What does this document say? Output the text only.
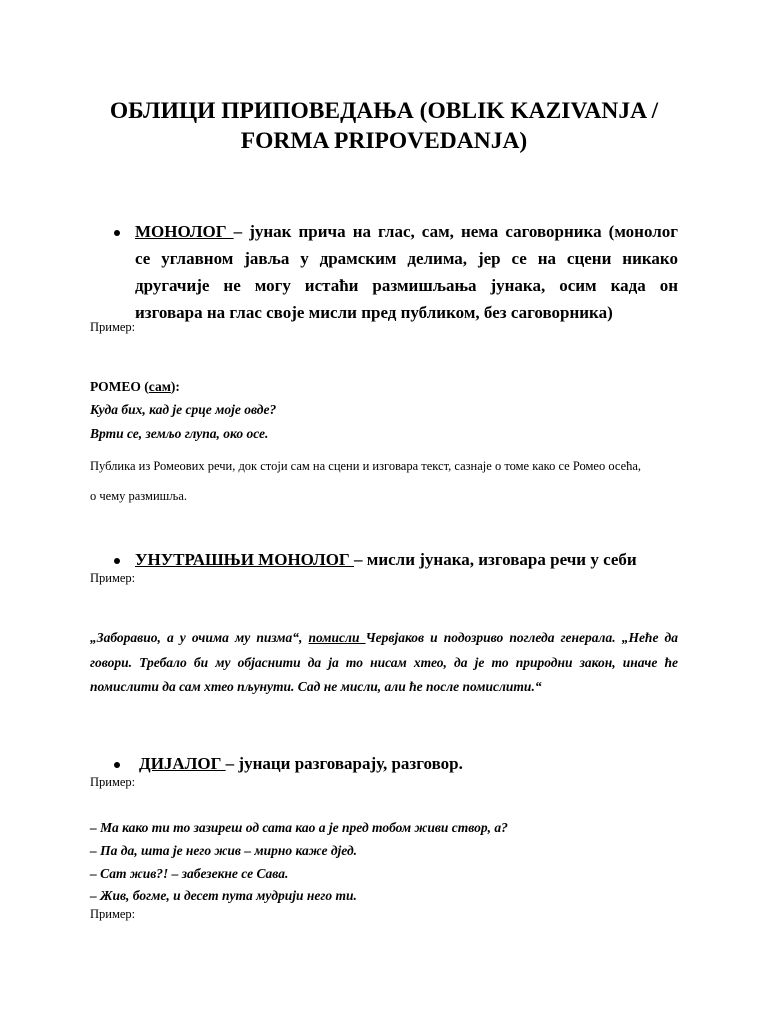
ОБЛИЦИ ПРИПОВЕДАЊА (OBLIK KAZIVANJA /
FORMA PRIPOVEDANJA)
МОНОЛОГ – јунак прича на глас, сам, нема саговорника (монолог
се углавном јавља у драмским делима, јер се на сцени никако
другачије не могу истаћи размишљања јунака, осим када он
изговара на глас своје мисли пред публиком, без саговорника)
Пример:
РОМЕО (сам):
Куда бих, кад је срце моје овде?
Врти се, земљо глупа, око осе.
Публика из Ромеових речи, док стоји сам на сцени и изговара текст, сазнаје о томе како се Ромео осећа,
о чему размишља.
УНУТРАШЊИ МОНОЛОГ – мисли јунака, изговара речи у себи
Пример:
„Заборавио, а у очима му пизма“, помисли Червјаков и подозриво погледа генерала. „Неће да говори. Требало би му објаснити да ја то нисам хтео, да је то природни закон, иначе ће помислити да сам хтео пљунути. Сад не мисли, али ће после помислити.“
ДИЈАЛОГ – јунаци разговарају, разговор.
Пример:
– Ма како ти то зазиреш од сата као а је пред тобом живи створ, а?
– Па да, шта је него жив – мирно каже дјед.
– Сат жив?! – забезекне се Сава.
– Жив, богме, и десет пута мудрији него ти.
Пример:
